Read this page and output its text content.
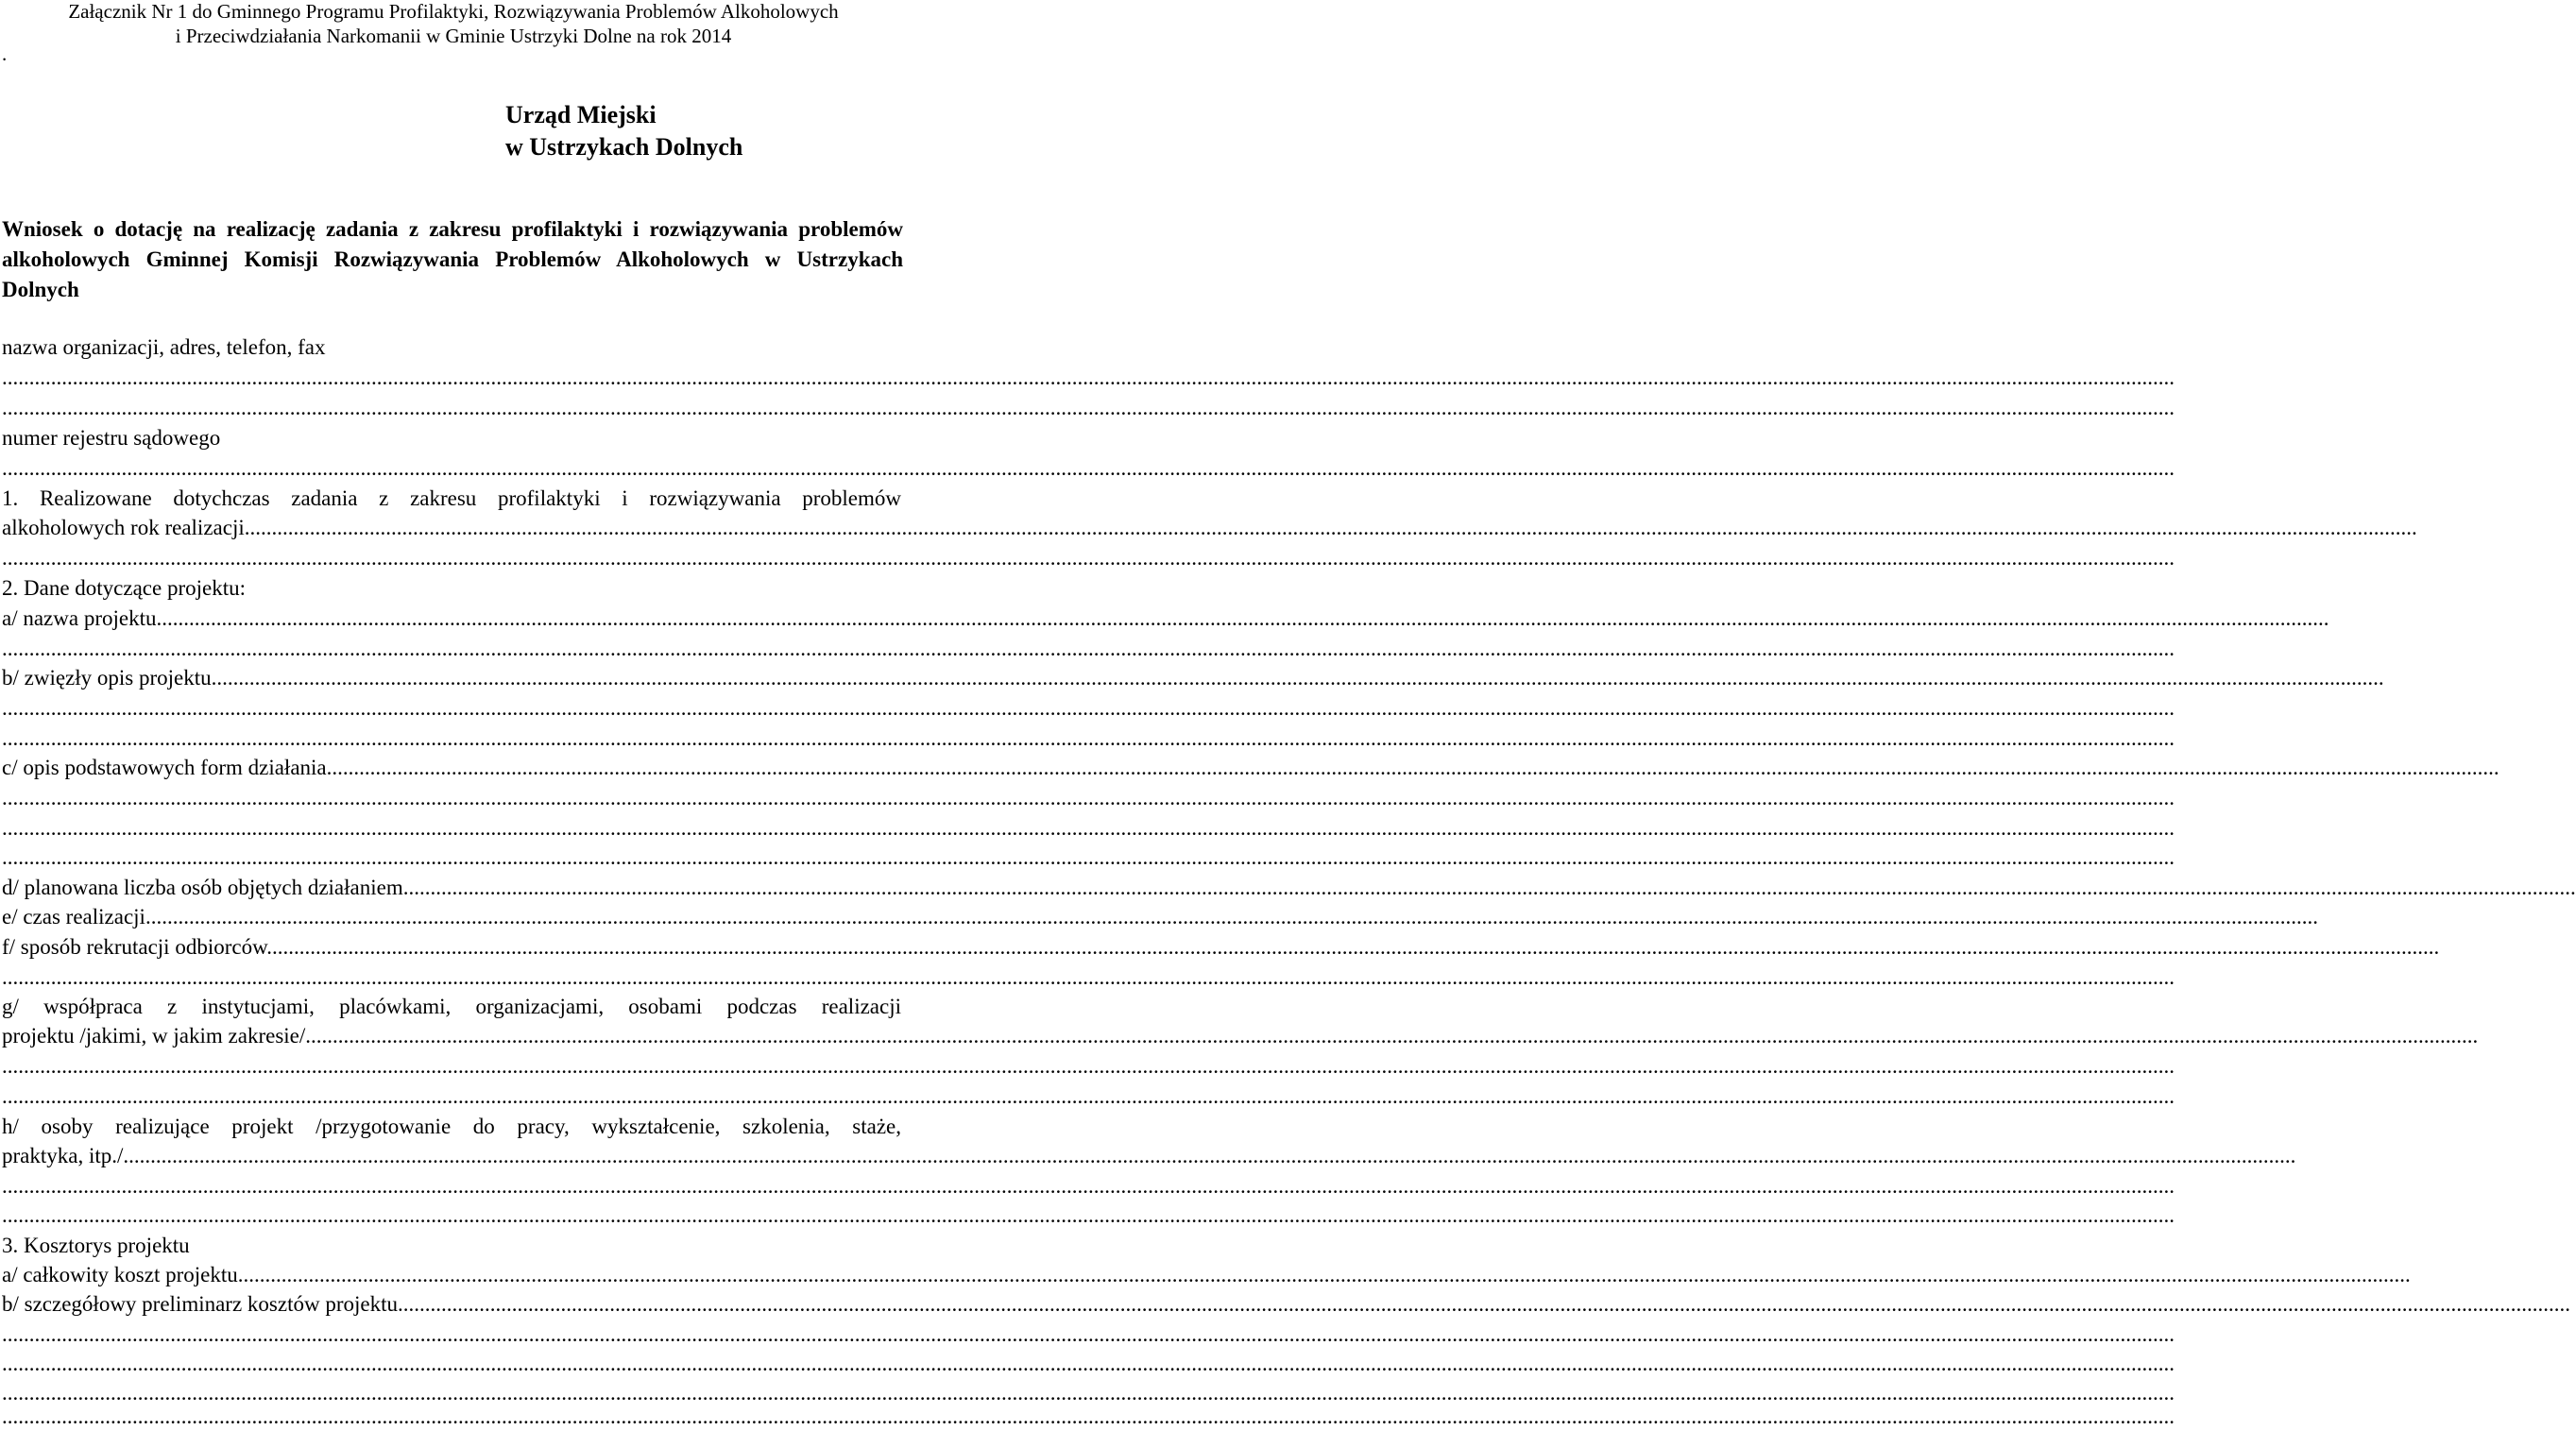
Załącznik Nr 1 do Gminnego Programu Profilaktyki, Rozwiązywania Problemów Alkoholowych
i Przeciwdziałania Narkomanii w Gminie Ustrzyki Dolne na rok 2014
.
Urząd Miejski
w Ustrzykach Dolnych
Wniosek o dotację na realizację zadania z zakresu profilaktyki i rozwiązywania problemów alkoholowych Gminnej Komisji Rozwiązywania Problemów Alkoholowych w Ustrzykach Dolnych
nazwa organizacji, adres, telefon, fax
................................................................................................................................................................................................................................................................................................................................................................................................................
................................................................................................................................................................................................................................................................................................................................................................................................................
numer rejestru sądowego
................................................................................................................................................................................................................................................................................................................................................................................................................
1. Realizowane dotychczas zadania z zakresu profilaktyki i rozwiązywania problemów
alkoholowych rok realizacji................................................................................................................................................................................................................................................................................................................................................................................................................
................................................................................................................................................................................................................................................................................................................................................................................................................
2. Dane dotyczące projektu:
a/ nazwa projektu................................................................................................................................................................................................................................................................................................................................................................................................................
................................................................................................................................................................................................................................................................................................................................................................................................................
b/ zwięzły opis projektu................................................................................................................................................................................................................................................................................................................................................................................................................
................................................................................................................................................................................................................................................................................................................................................................................................................
................................................................................................................................................................................................................................................................................................................................................................................................................
c/ opis podstawowych form działania................................................................................................................................................................................................................................................................................................................................................................................................................
................................................................................................................................................................................................................................................................................................................................................................................................................
................................................................................................................................................................................................................................................................................................................................................................................................................
................................................................................................................................................................................................................................................................................................................................................................................................................
d/ planowana liczba osób objętych działaniem................................................................................................................................................................................................................................................................................................................................................................................................................
e/ czas realizacji................................................................................................................................................................................................................................................................................................................................................................................................................
f/ sposób rekrutacji odbiorców................................................................................................................................................................................................................................................................................................................................................................................................................
................................................................................................................................................................................................................................................................................................................................................................................................................
g/ współpraca z instytucjami, placówkami, organizacjami, osobami podczas realizacji
projektu /jakimi, w jakim zakresie/................................................................................................................................................................................................................................................................................................................................................................................................................
................................................................................................................................................................................................................................................................................................................................................................................................................
................................................................................................................................................................................................................................................................................................................................................................................................................
h/ osoby realizujące projekt /przygotowanie do pracy, wykształcenie, szkolenia, staże,
praktyka, itp./................................................................................................................................................................................................................................................................................................................................................................................................................
................................................................................................................................................................................................................................................................................................................................................................................................................
................................................................................................................................................................................................................................................................................................................................................................................................................
3. Kosztorys projektu
a/ całkowity koszt projektu................................................................................................................................................................................................................................................................................................................................................................................................................
b/ szczegółowy preliminarz kosztów projektu................................................................................................................................................................................................................................................................................................................................................................................................................
................................................................................................................................................................................................................................................................................................................................................................................................................
................................................................................................................................................................................................................................................................................................................................................................................................................
................................................................................................................................................................................................................................................................................................................................................................................................................
................................................................................................................................................................................................................................................................................................................................................................................................................
